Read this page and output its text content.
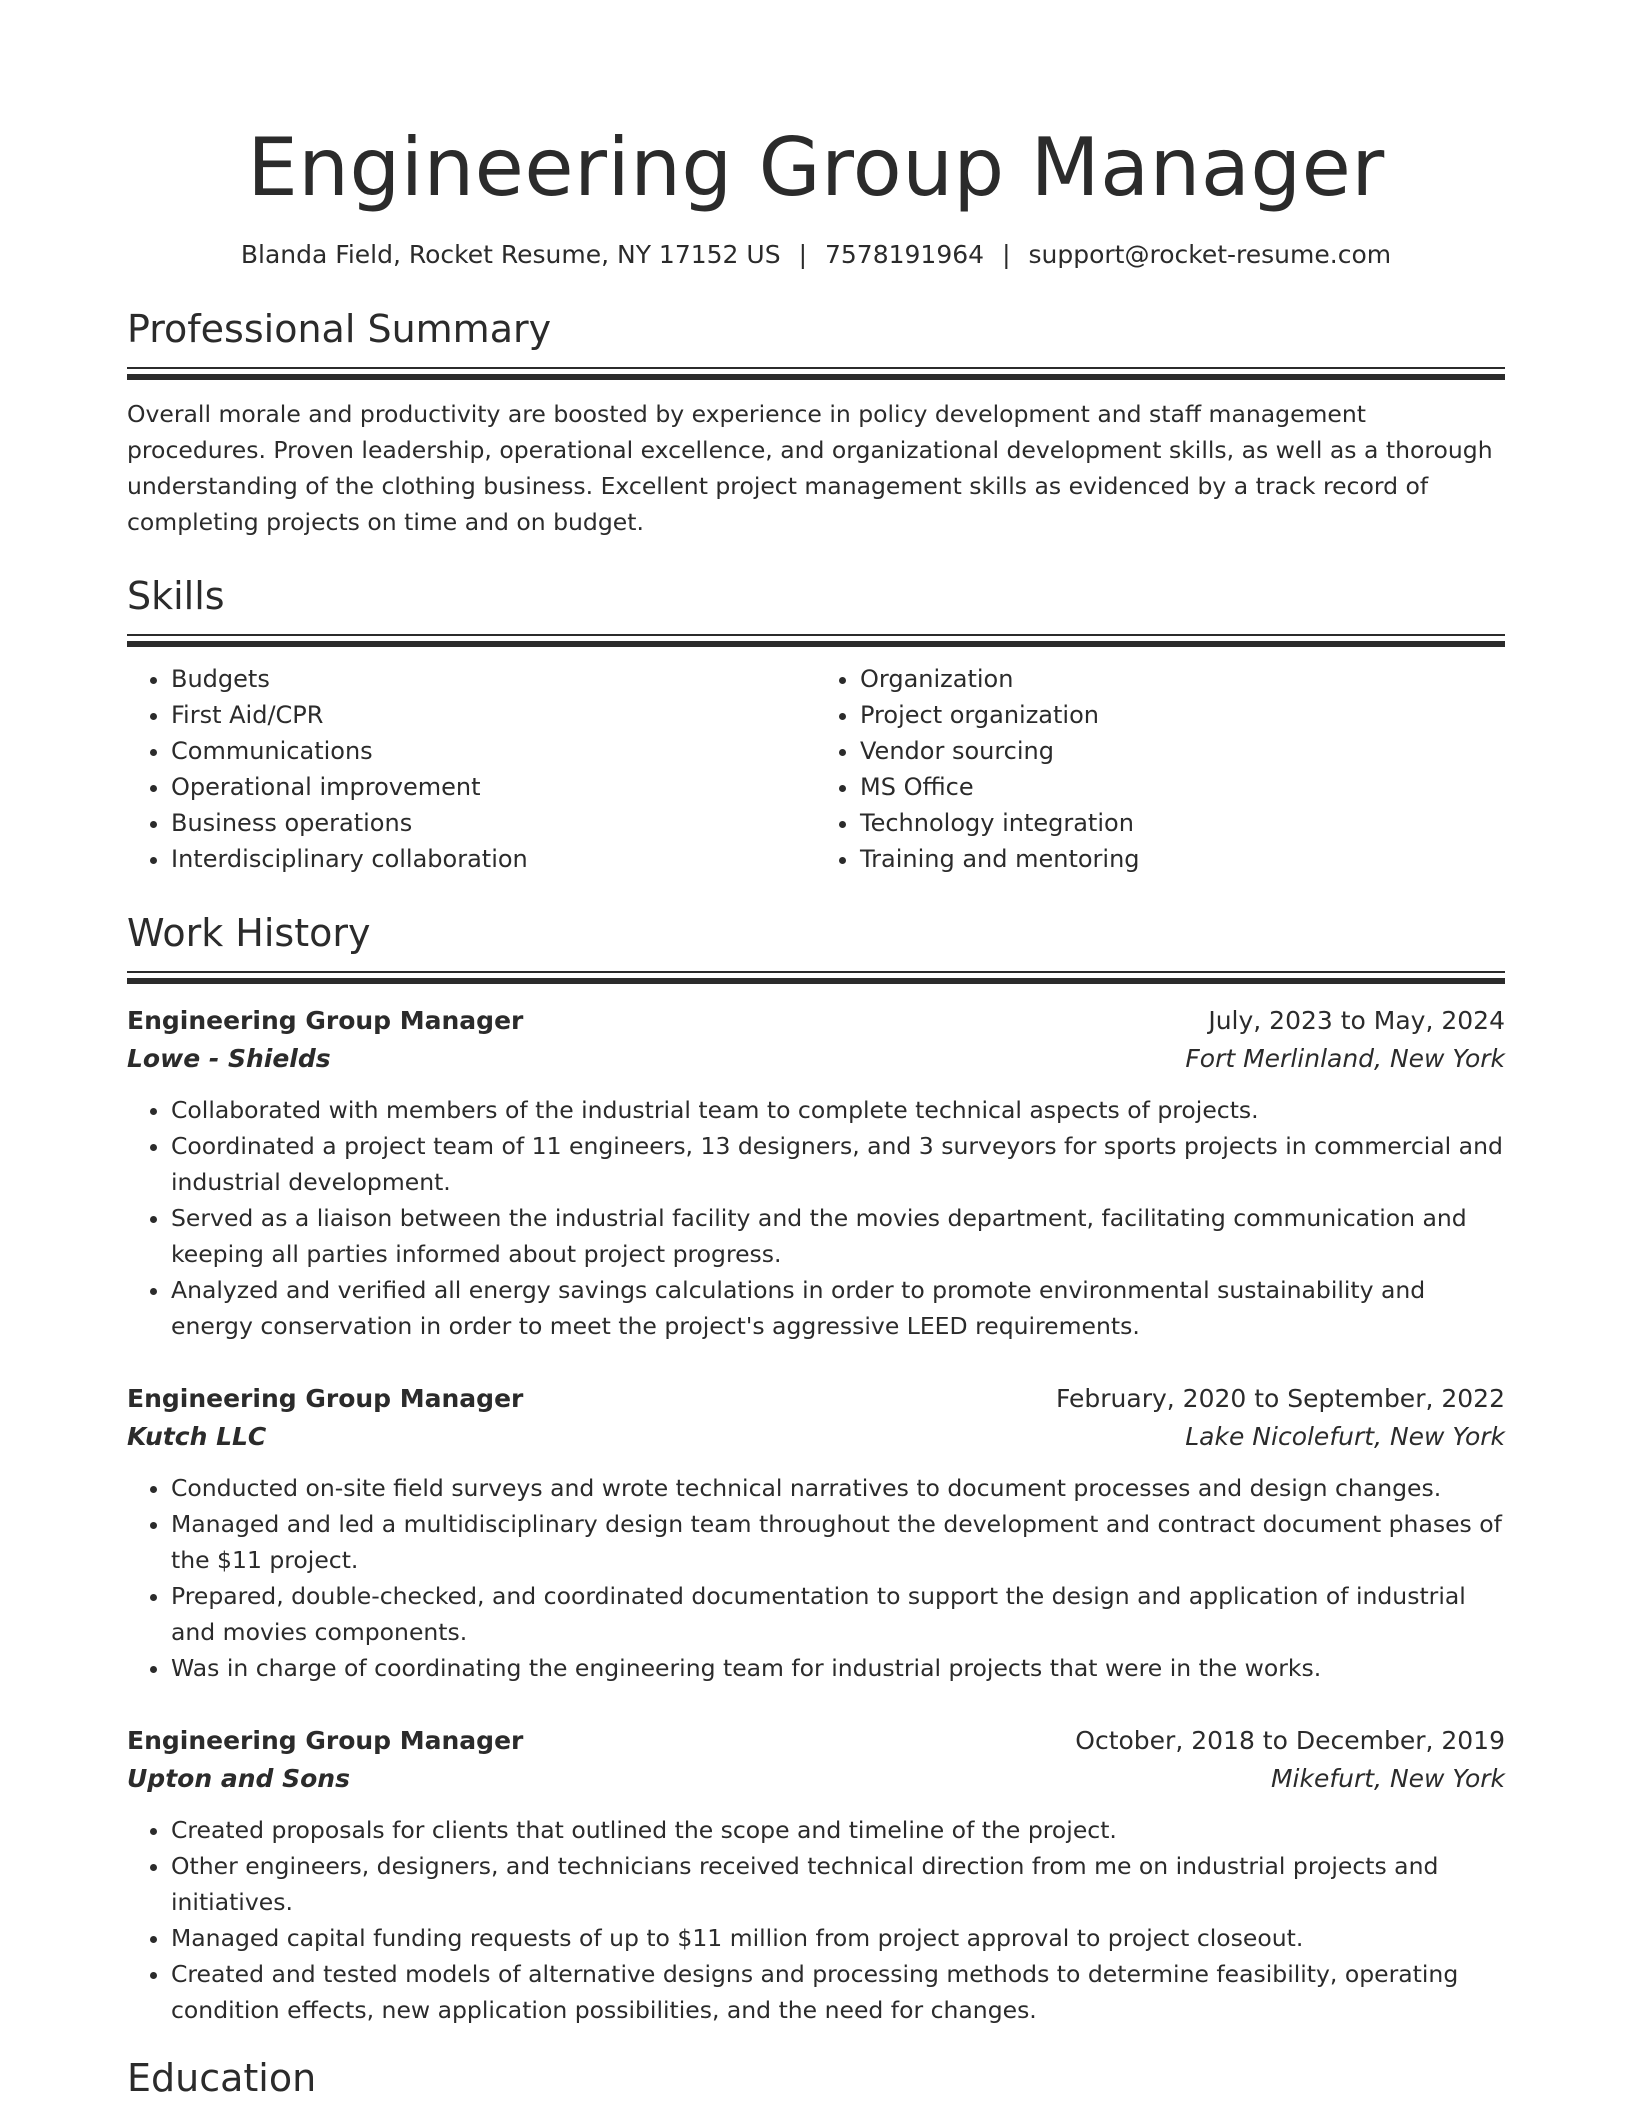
Engineering Group Manager
Blanda Field, Rocket Resume, NY 17152 US | 7578191964 | support@rocket-resume.com
Professional Summary

Overall morale and productivity are boosted by experience in policy development and staff management procedures. Proven leadership, operational excellence, and organizational development skills, as well as a thorough understanding of the clothing business. Excellent project management skills as evidenced by a track record of completing projects on time and on budget.

Skills
• Budgets
• First Aid/CPR
• Communications
• Operational improvement
• Business operations
• Interdisciplinary collaboration
• Organization
• Project organization
• Vendor sourcing
• MS Office
• Technology integration
• Training and mentoring
Work History
Engineering Group Manager	July, 2023 to May, 2024
Lowe - Shields	Fort Merlinland, New York
• Collaborated with members of the industrial team to complete technical aspects of projects.
• Coordinated a project team of 11 engineers, 13 designers, and 3 surveyors for sports projects in commercial and industrial development.
• Served as a liaison between the industrial facility and the movies department, facilitating communication and keeping all parties informed about project progress.
• Analyzed and verified all energy savings calculations in order to promote environmental sustainability and energy conservation in order to meet the project's aggressive LEED requirements.
Engineering Group Manager	February, 2020 to September, 2022
Kutch LLC	Lake Nicolefurt, New York
• Conducted on-site field surveys and wrote technical narratives to document processes and design changes.
• Managed and led a multidisciplinary design team throughout the development and contract document phases of the $11 project.
• Prepared, double-checked, and coordinated documentation to support the design and application of industrial and movies components.
• Was in charge of coordinating the engineering team for industrial projects that were in the works.
Engineering Group Manager	October, 2018 to December, 2019
Upton and Sons	Mikefurt, New York
• Created proposals for clients that outlined the scope and timeline of the project.
• Other engineers, designers, and technicians received technical direction from me on industrial projects and initiatives.
• Managed capital funding requests of up to $11 million from project approval to project closeout.
• Created and tested models of alternative designs and processing methods to determine feasibility, operating condition effects, new application possibilities, and the need for changes.
Education
